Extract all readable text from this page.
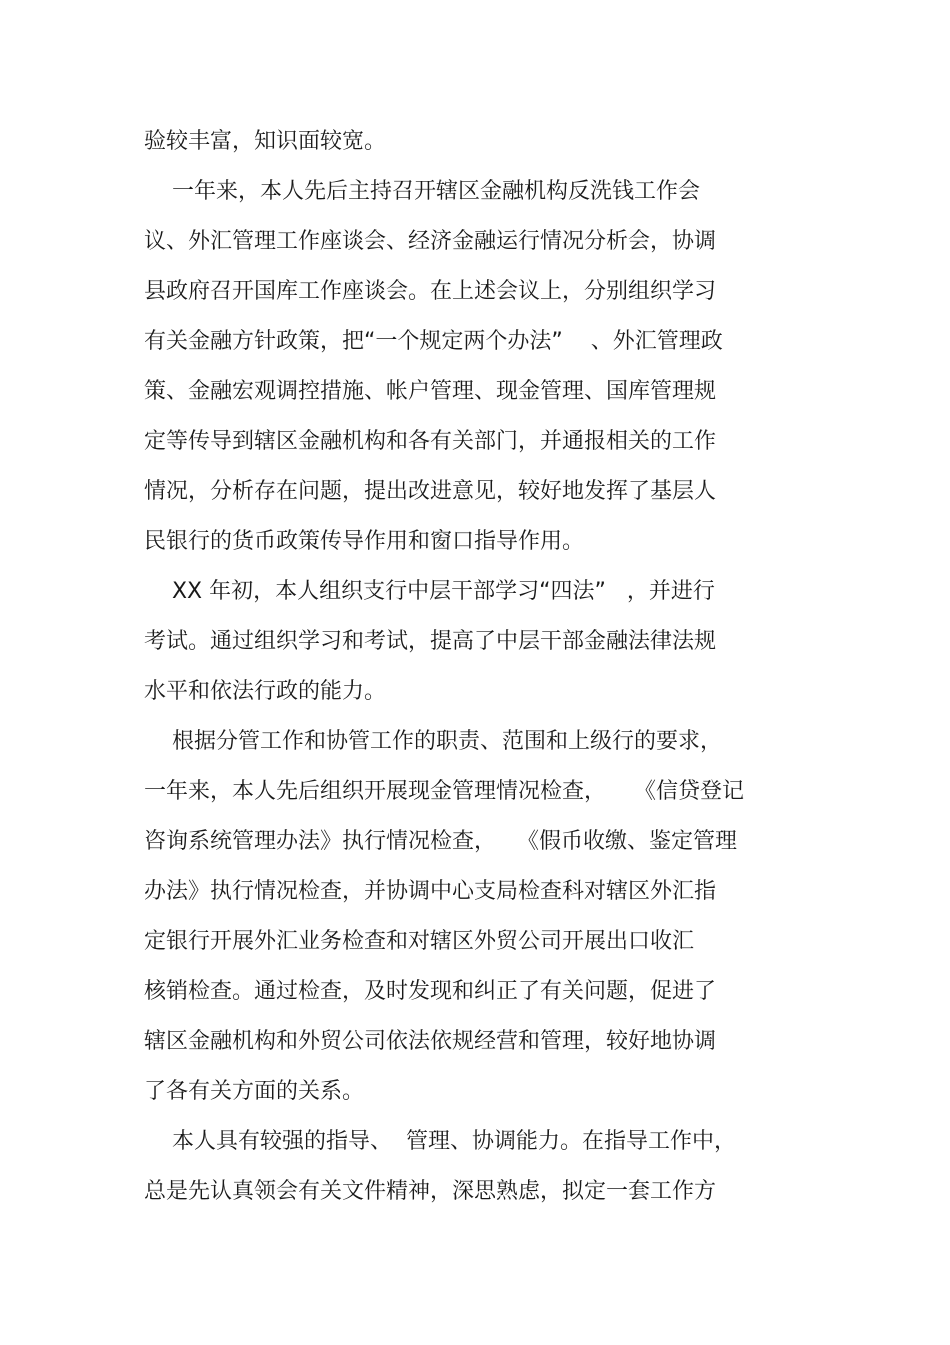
验较丰富，知识面较宽。
一年来，本人先后主持召开辖区金融机构反洗钱工作会
议、外汇管理工作座谈会、经济金融运行情况分析会，协调
县政府召开国库工作座谈会。在上述会议上，分别组织学习
有关金融方针政策，把“一个规定两个办法”    、外汇管理政
策、金融宏观调控措施、帐户管理、现金管理、国库管理规
定等传导到辖区金融机构和各有关部门，并通报相关的工作
情况，分析存在问题，提出改进意见，较好地发挥了基层人
民银行的货币政策传导作用和窗口指导作用。
XX 年初，本人组织支行中层干部学习“四法”   ，并进行
考试。通过组织学习和考试，提高了中层干部金融法律法规
水平和依法行政的能力。
根据分管工作和协管工作的职责、范围和上级行的要求，
一年来，本人先后组织开展现金管理情况检查，    《信贷登记
咨询系统管理办法》执行情况检查，   《假币收缴、鉴定管理
办法》执行情况检查，并协调中心支局检查科对辖区外汇指
定银行开展外汇业务检查和对辖区外贸公司开展出口收汇
核销检查。通过检查，及时发现和纠正了有关问题，促进了
辖区金融机构和外贸公司依法依规经营和管理，较好地协调
了各有关方面的关系。
本人具有较强的指导、  管理、协调能力。在指导工作中，
总是先认真领会有关文件精神，深思熟虑，拟定一套工作方
